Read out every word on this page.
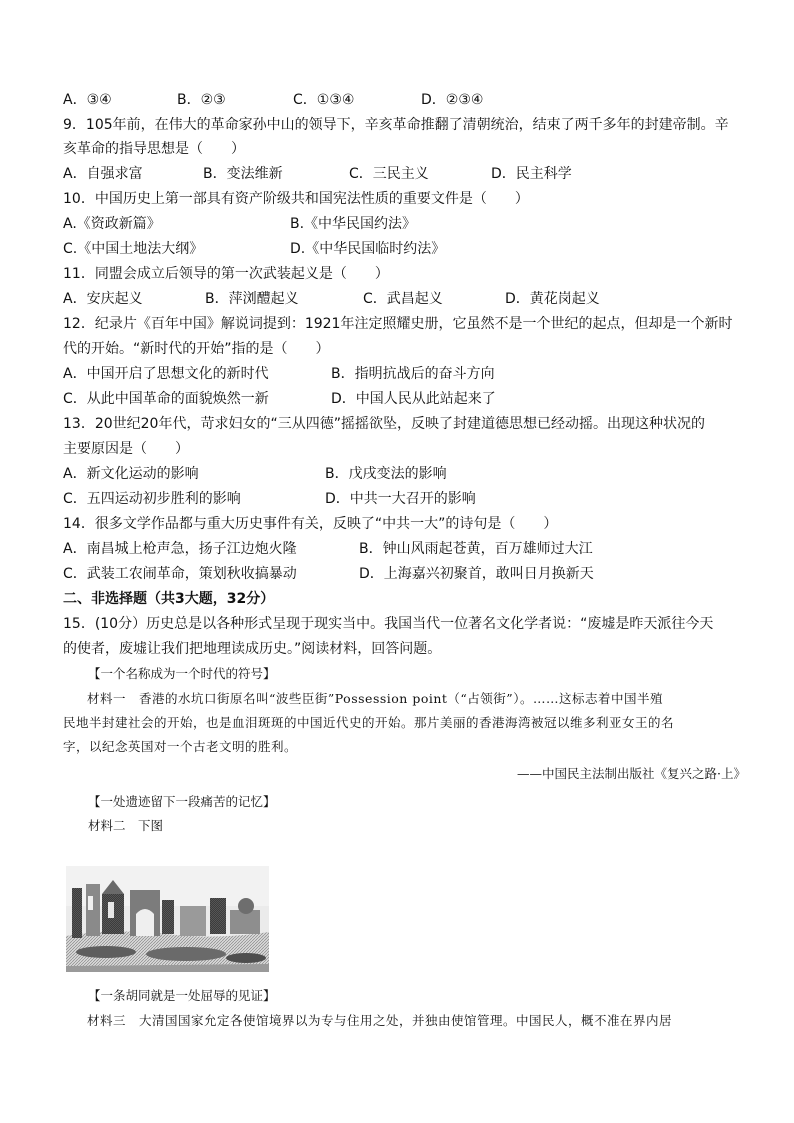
A．③④	B．②③	C．①③④	D．②③④
9．105年前，在伟大的革命家孙中山的领导下，辛亥革命推翻了清朝统治，结束了两千多年的封建帝制。辛
亥革命的指导思想是（　　）
A．自强求富	B．变法维新	C．三民主义	D．民主科学
10．中国历史上第一部具有资产阶级共和国宪法性质的重要文件是（　　）
A.《资政新篇》	B.《中华民国约法》
C.《中国土地法大纲》	D.《中华民国临时约法》
11．同盟会成立后领导的第一次武装起义是（　　）
A．安庆起义	B．萍浏醴起义	C．武昌起义	D．黄花岗起义
12．纪录片《百年中国》解说词提到：1921年注定照耀史册，它虽然不是一个世纪的起点，但却是一个新时
代的开始。“新时代的开始”指的是（　　）
A．中国开启了思想文化的新时代	B．指明抗战后的奋斗方向
C．从此中国革命的面貌焕然一新	D．中国人民从此站起来了
13．20世纪20年代，苛求妇女的“三从四德”摇摇欲坠，反映了封建道德思想已经动摇。出现这种状况的
主要原因是（　　）
A．新文化运动的影响	B．戊戌变法的影响
C．五四运动初步胜利的影响	D．中共一大召开的影响
14．很多文学作品都与重大历史事件有关，反映了“中共一大”的诗句是（　　）
A．南昌城上枪声急，扬子江边炮火隆	B．钟山风雨起苍黄，百万雄师过大江
C．武装工农闹革命，策划秋收搞暴动	D．上海嘉兴初聚首，敢叫日月换新天
二、非选择题（共3大题，32分）
15．(10分）历史总是以各种形式呈现于现实当中。我国当代一位著名文化学者说：“废墟是昨天派往今天
的使者，废墟让我们把地理读成历史。”阅读材料，回答问题。
【一个名称成为一个时代的符号】
材料一　香港的水坑口街原名叫“波些臣街”Possession point（“占领街”）。……这标志着中国半殖
民地半封建社会的开始，也是血泪斑斑的中国近代史的开始。那片美丽的香港海湾被冠以维多利亚女王的名
字，以纪念英国对一个古老文明的胜利。
——中国民主法制出版社《复兴之路·上》
【一处遗迹留下一段痛苦的记忆】
材料二　下图
【一条胡同就是一处屈辱的见证】
材料三　大清国国家允定各使馆境界以为专与住用之处，并独由使馆管理。中国民人，概不准在界内居
